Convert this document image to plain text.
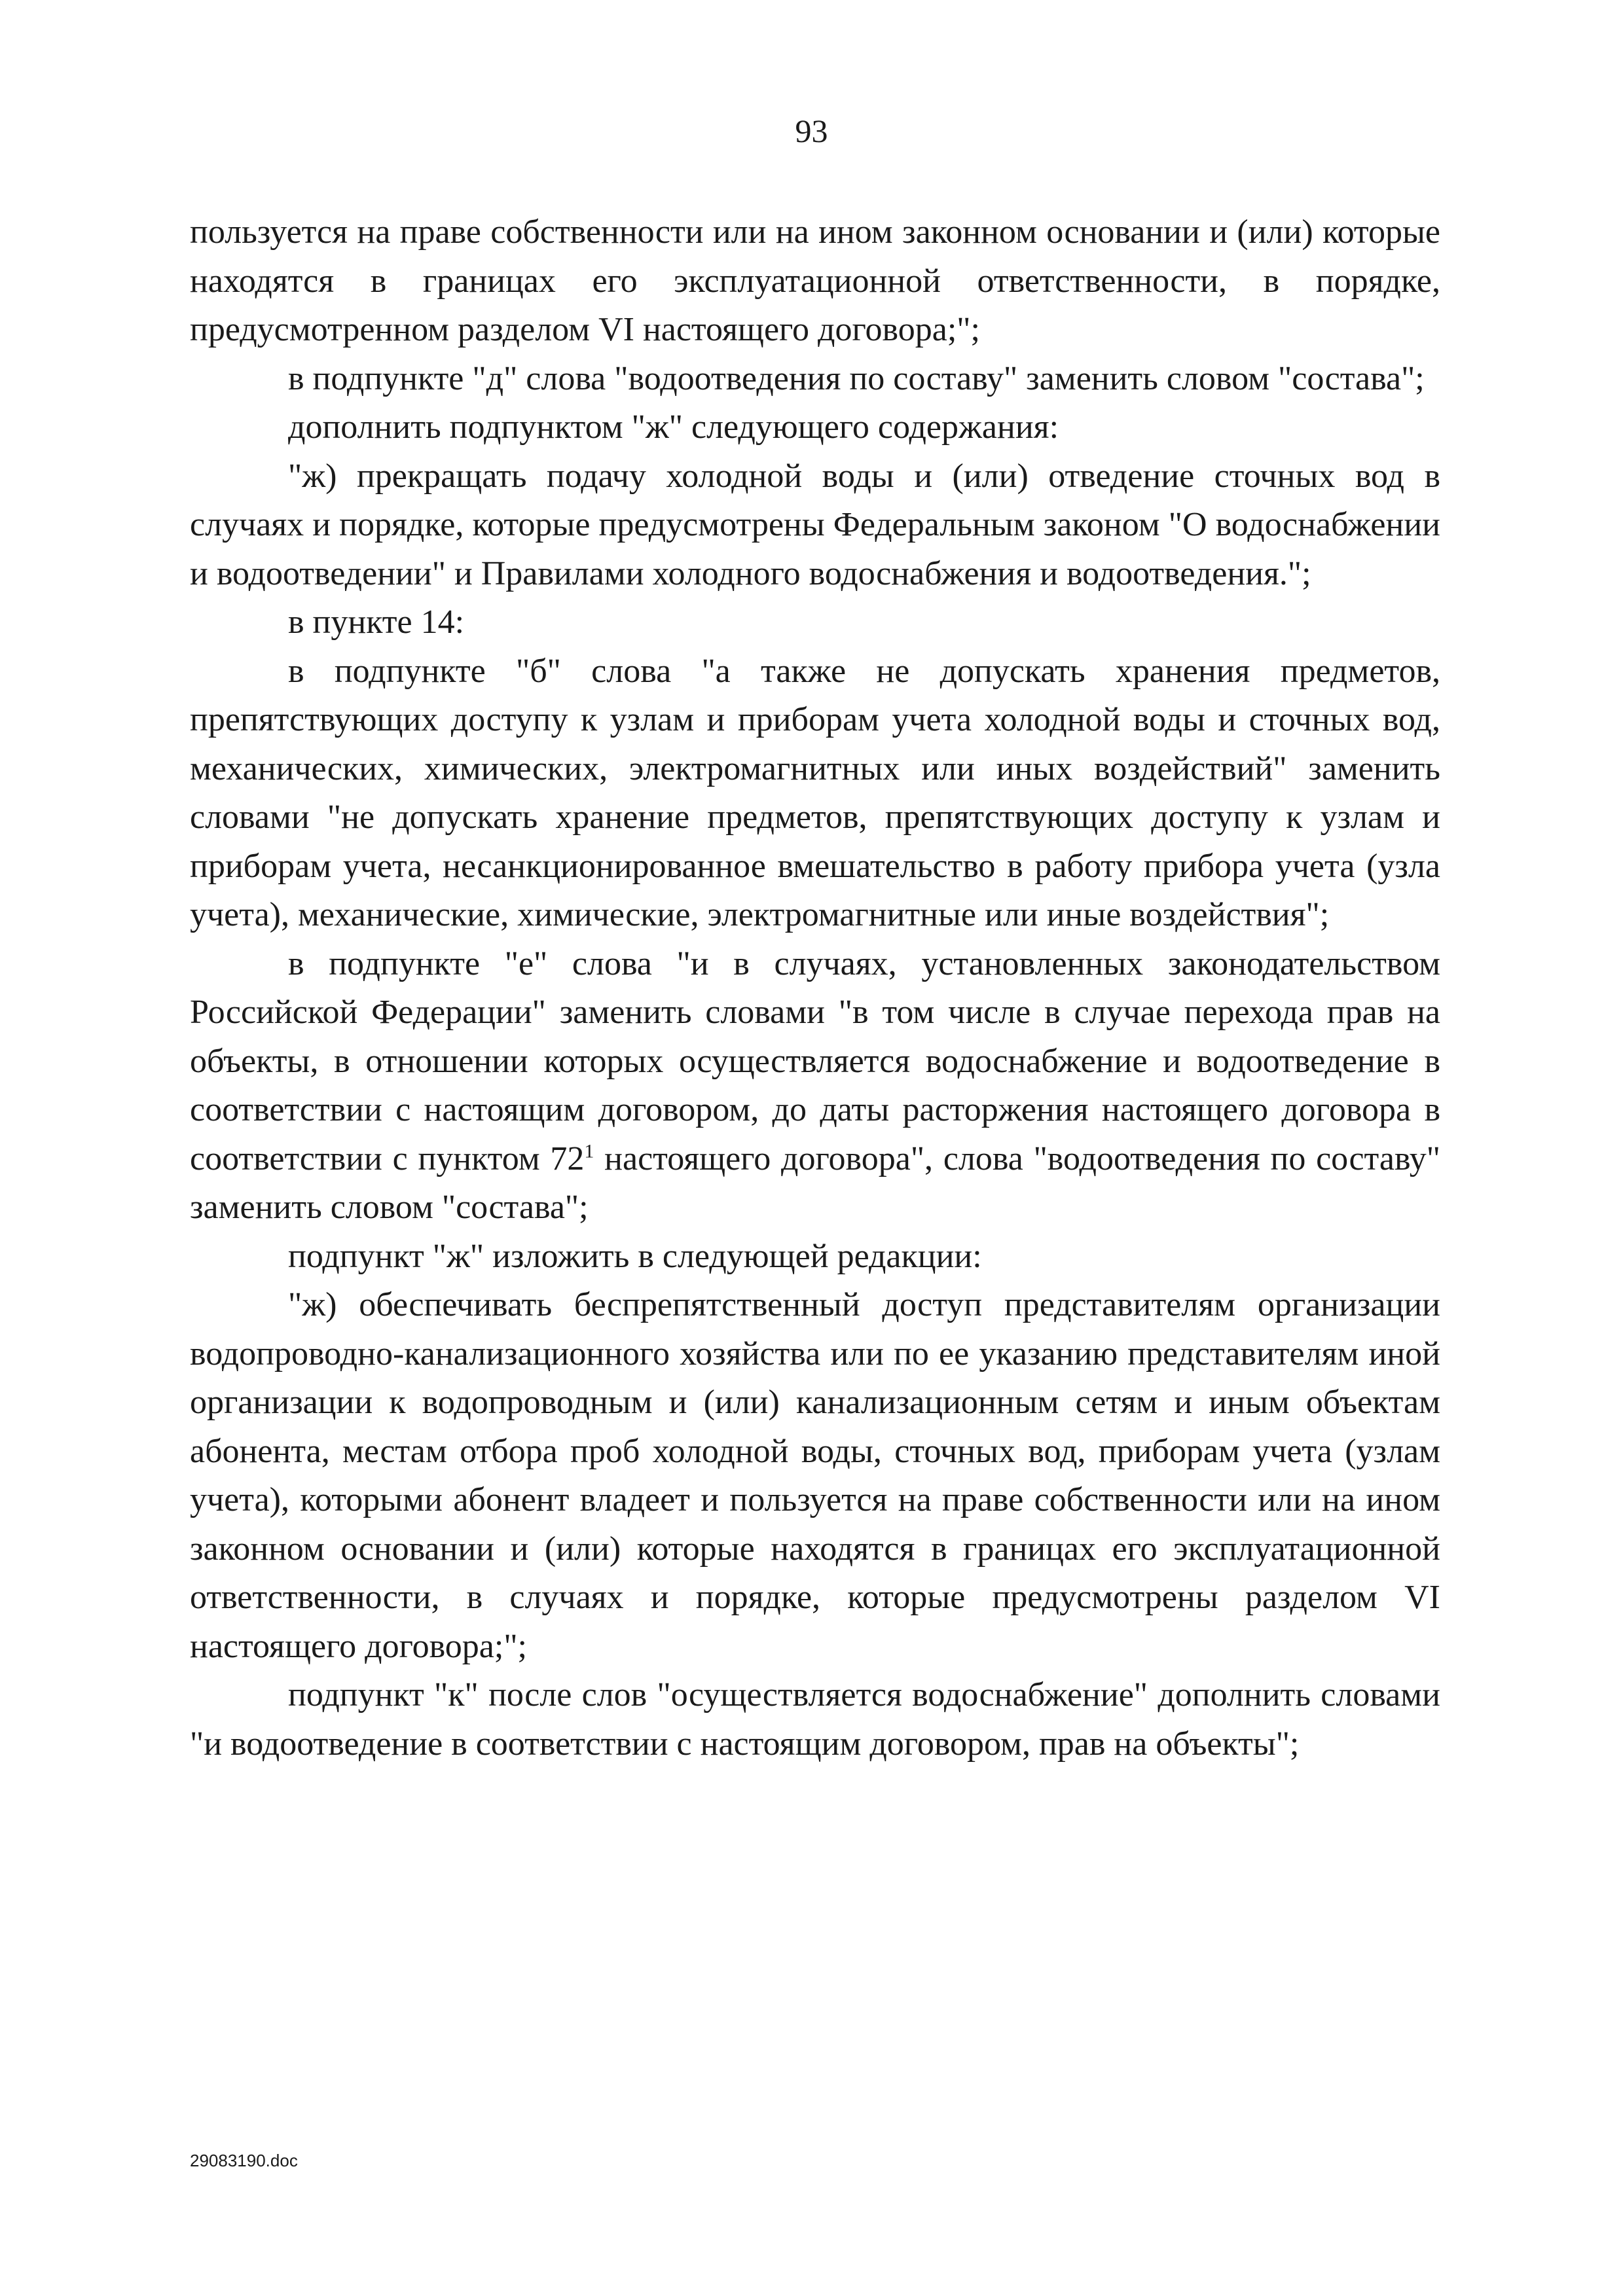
93

пользуется на праве собственности или на ином законном основании и (или) которые находятся в границах его эксплуатационной ответственности, в порядке, предусмотренном разделом VI настоящего договора;";

в подпункте "д" слова "водоотведения по составу" заменить словом "состава";

дополнить подпунктом "ж" следующего содержания:

"ж) прекращать подачу холодной воды и (или) отведение сточных вод в случаях и порядке, которые предусмотрены Федеральным законом "О водоснабжении и водоотведении" и Правилами холодного водоснабжения и водоотведения.";

в пункте 14:

в подпункте "б" слова "а также не допускать хранения предметов, препятствующих доступу к узлам и приборам учета холодной воды и сточных вод, механических, химических, электромагнитных или иных воздействий" заменить словами "не допускать хранение предметов, препятствующих доступу к узлам и приборам учета, несанкционированное вмешательство в работу прибора учета (узла учета), механические, химические, электромагнитные или иные воздействия";

в подпункте "е" слова "и в случаях, установленных законодательством Российской Федерации" заменить словами "в том числе в случае перехода прав на объекты, в отношении которых осуществляется водоснабжение и водоотведение в соответствии с настоящим договором, до даты расторжения настоящего договора в соответствии с пунктом $72^1$ настоящего договора", слова "водоотведения по составу" заменить словом "состава";

подпункт "ж" изложить в следующей редакции:

"ж) обеспечивать беспрепятственный доступ представителям организации водопроводно-канализационного хозяйства или по ее указанию представителям иной организации к водопроводным и (или) канализационным сетям и иным объектам абонента, местам отбора проб холодной воды, сточных вод, приборам учета (узлам учета), которыми абонент владеет и пользуется на праве собственности или на ином законном основании и (или) которые находятся в границах его эксплуатационной ответственности, в случаях и порядке, которые предусмотрены разделом VI настоящего договора;";

подпункт "к" после слов "осуществляется водоснабжение" дополнить словами "и водоотведение в соответствии с настоящим договором, прав на объекты";

29083190.doc
